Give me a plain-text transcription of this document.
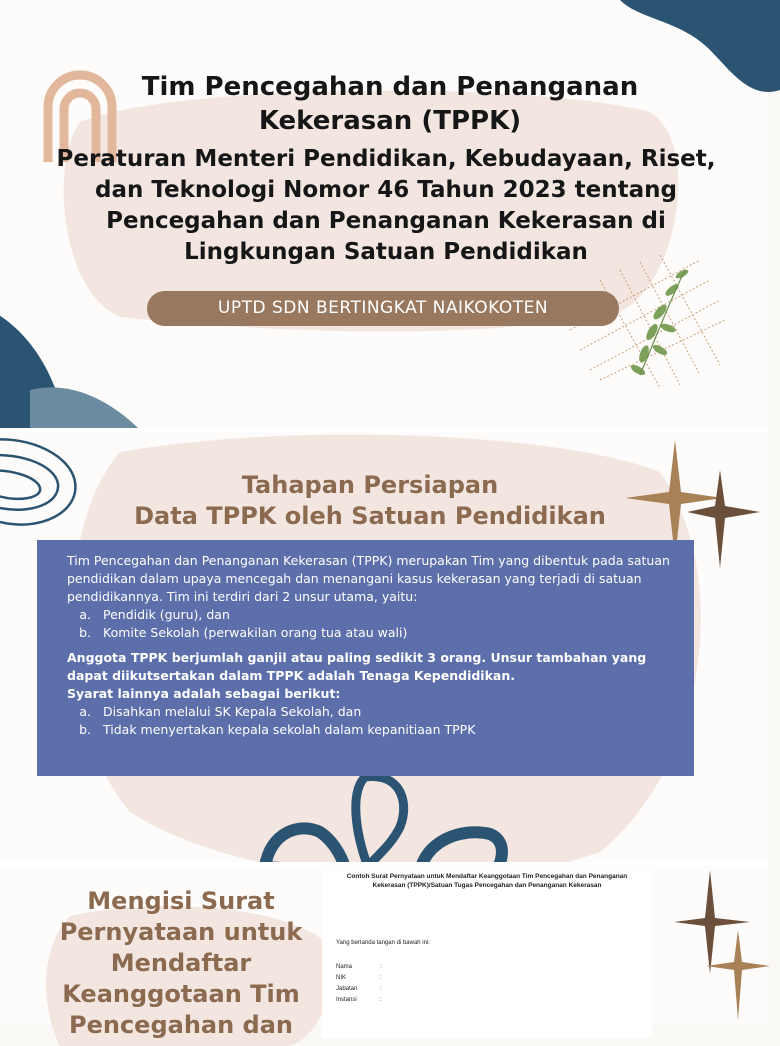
Tim Pencegahan dan Penanganan Kekerasan (TPPK)
Peraturan Menteri Pendidikan, Kebudayaan, Riset, dan Teknologi Nomor 46 Tahun 2023 tentang Pencegahan dan Penanganan Kekerasan di Lingkungan Satuan Pendidikan
UPTD SDN BERTINGKAT NAIKOKOTEN
Tahapan Persiapan
Data TPPK oleh Satuan Pendidikan

Tim Pencegahan dan Penanganan Kekerasan (TPPK) merupakan Tim yang dibentuk pada satuan pendidikan dalam upaya mencegah dan menangani kasus kekerasan yang terjadi di satuan pendidikannya. Tim ini terdiri dari 2 unsur utama, yaitu:

a. Pendidik (guru), dan
b. Komite Sekolah (perwakilan orang tua atau wali)

Anggota TPPK berjumlah ganjil atau paling sedikit 3 orang. Unsur tambahan yang dapat diikutsertakan dalam TPPK adalah Tenaga Kependidikan.

Syarat lainnya adalah sebagai berikut:

a. Disahkan melalui SK Kepala Sekolah, dan
b. Tidak menyertakan kepala sekolah dalam kepanitiaan TPPK
Mengisi Surat Pernyataan untuk Mendaftar Keanggotaan Tim Pencegahan dan
Contoh Surat Pernyataan untuk Mendaftar Keanggotaan Tim Pencegahan dan Penanganan Kekerasan (TPPK)/Satuan Tugas Pencegahan dan Penanganan Kekerasan
Yang bertanda tangan di bawah ini:
Nama	:
NIK	:
Jabatan	:
Instansi	:
